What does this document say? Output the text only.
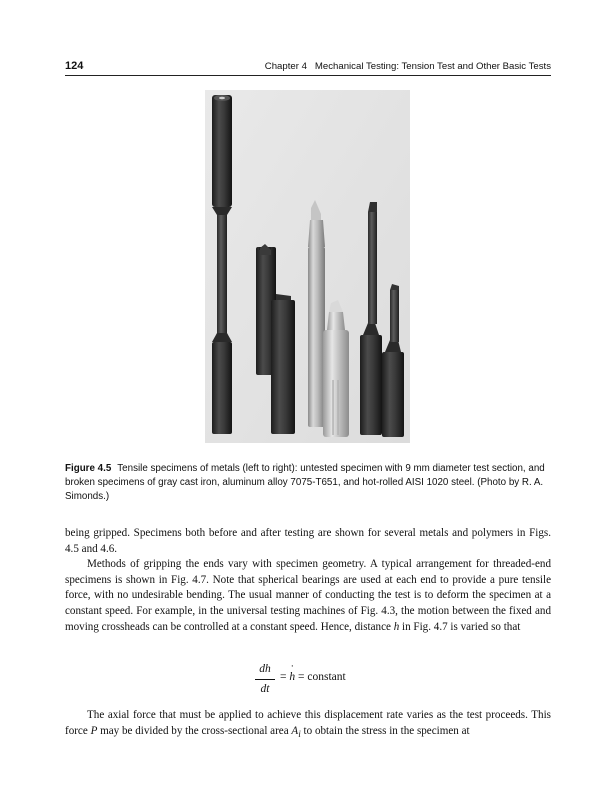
124	Chapter 4   Mechanical Testing: Tension Test and Other Basic Tests
Figure 4.5 Tensile specimens of metals (left to right): untested specimen with 9 mm diameter test section, and broken specimens of gray cast iron, aluminum alloy 7075-T651, and hot-rolled AISI 1020 steel. (Photo by R. A. Simonds.)

being gripped. Specimens both before and after testing are shown for several metals and polymers in Figs. 4.5 and 4.6.

Methods of gripping the ends vary with specimen geometry. A typical arrangement for threaded-end specimens is shown in Fig. 4.7. Note that spherical bearings are used at each end to provide a pure tensile force, with no undesirable bending. The usual manner of conducting the test is to deform the specimen at a constant speed. For example, in the universal testing machines of Fig. 4.3, the motion between the fixed and moving crossheads can be controlled at a constant speed. Hence, distance h in Fig. 4.7 is varied so that

dh
dt
= h ˙ = constant

The axial force that must be applied to achieve this displacement rate varies as the test proceeds. This force P may be divided by the cross-sectional area $A_i$ to obtain the stress in the specimen at
